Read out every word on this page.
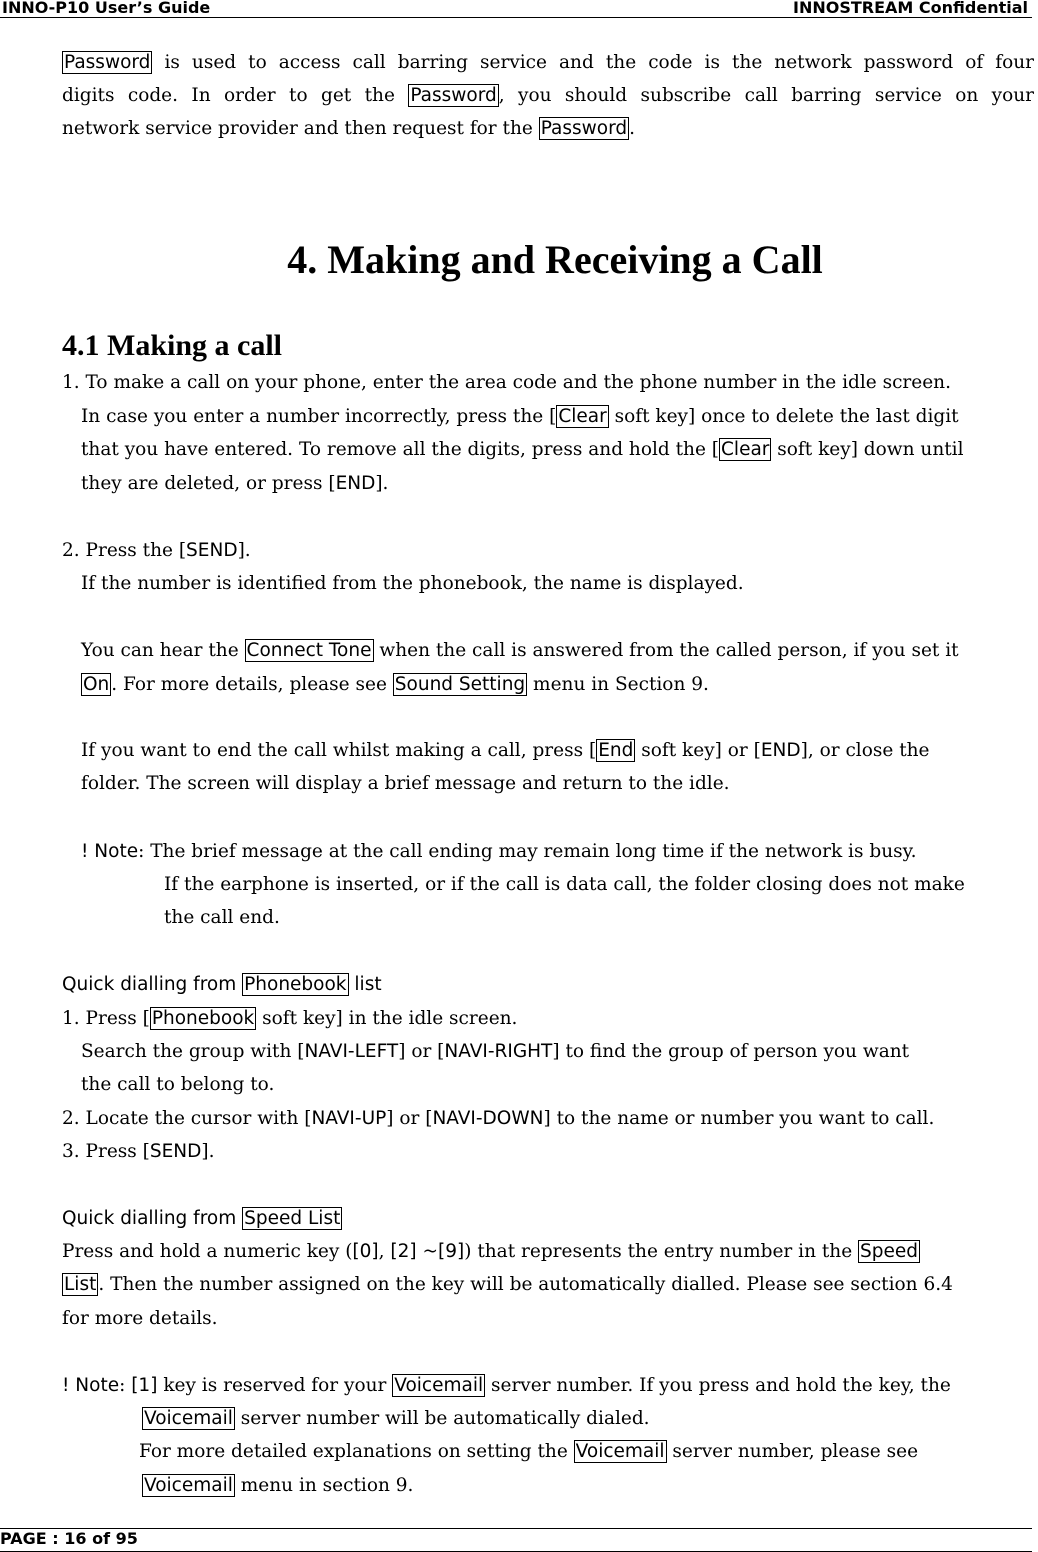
INNO-P10 User’s Guide	INNOSTREAM Confidential
Password is used to access call barring service and the code is the network password of four
digits code. In order to get the Password , you should subscribe call barring service on your
network service provider and then request for the Password .
4. Making and Receiving a Call
4.1 Making a call
1. To make a call on your phone, enter the area code and the phone number in the idle screen.
In case you enter a number incorrectly, press the [ Clear soft key] once to delete the last digit
that you have entered. To remove all the digits, press and hold the [ Clear soft key] down until
they are deleted, or press [END].
2. Press the [SEND].
If the number is identified from the phonebook, the name is displayed.
You can hear the Connect Tone when the call is answered from the called person, if you set it
On . For more details, please see Sound Setting menu in Section 9.
If you want to end the call whilst making a call, press [ End soft key] or [END], or close the
folder. The screen will display a brief message and return to the idle.
! Note: The brief message at the call ending may remain long time if the network is busy.
If the earphone is inserted, or if the call is data call, the folder closing does not make
the call end.
Quick dialling from Phonebook list
1. Press [ Phonebook soft key] in the idle screen.
Search the group with [NAVI-LEFT] or [NAVI-RIGHT] to find the group of person you want
the call to belong to.
2. Locate the cursor with [NAVI-UP] or [NAVI-DOWN] to the name or number you want to call.
3. Press [SEND].
Quick dialling from Speed List
Press and hold a numeric key ([0], [2] ~[9]) that represents the entry number in the Speed
List . Then the number assigned on the key will be automatically dialled. Please see section 6.4
for more details.
! Note: [1] key is reserved for your Voicemail server number. If you press and hold the key, the
Voicemail server number will be automatically dialed.
For more detailed explanations on setting the Voicemail server number, please see
Voicemail menu in section 9.
PAGE : 16 of 95
